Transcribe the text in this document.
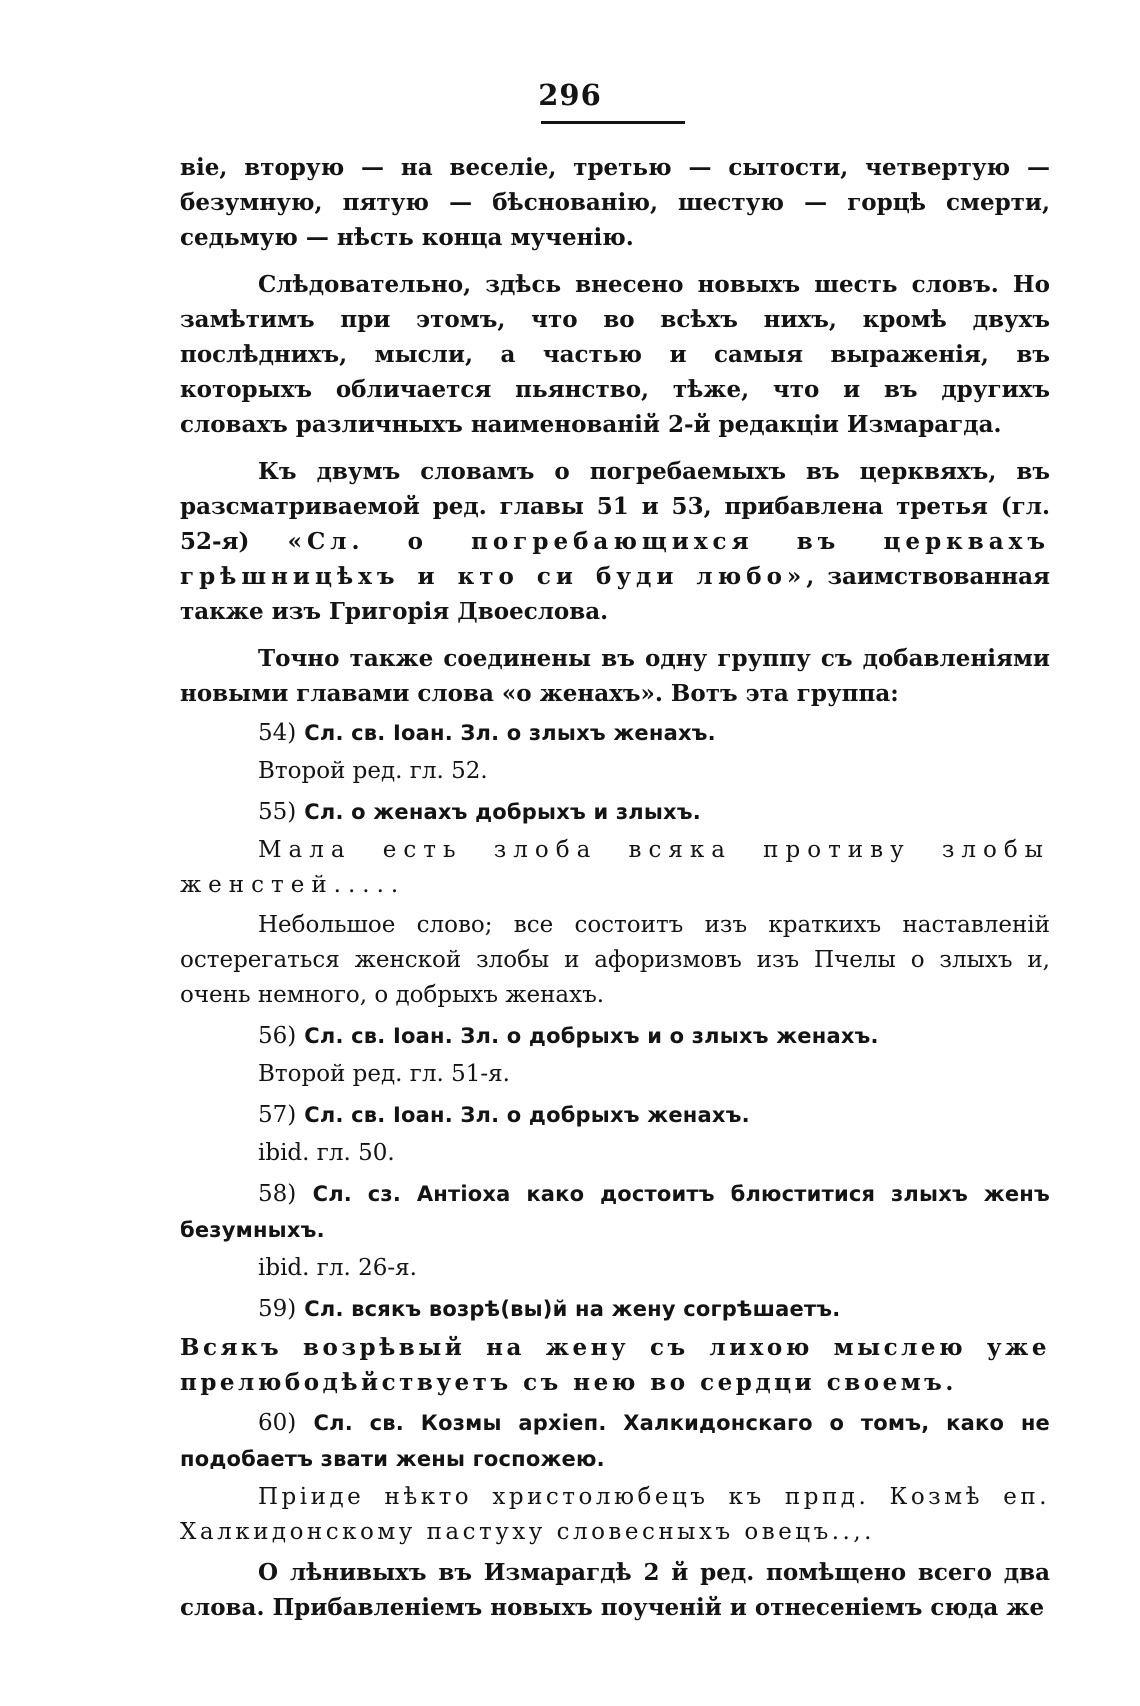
296

віе, вторую — на веселіе, третью — сытости, четвертую — безумную, пятую — бѣснованію, шестую — горцѣ смерти, седьмую — нѣсть конца мученію.

Слѣдовательно, здѣсь внесено новыхъ шесть словъ. Но замѣтимъ при этомъ, что во всѣхъ нихъ, кромѣ двухъ послѣднихъ, мысли, а частью и самыя выраженія, въ которыхъ обличается пьянство, тѣже, что и въ другихъ словахъ различныхъ наименованій 2-й редакціи Измарагда.

Къ двумъ словамъ о погребаемыхъ въ церквяхъ, въ разсматриваемой ред. главы 51 и 53, прибавлена третья (гл. 52-я) «Сл. о погребающихся въ церквахъ грѣшницѣхъ и кто си буди любо», заимствованная также изъ Григорія Двоеслова.

Точно также соединены въ одну группу съ добавленіями новыми главами слова «о женахъ». Вотъ эта группа:

54) Сл. св. Іоан. Зл. о злыхъ женахъ.

Второй ред. гл. 52.

55) Сл. о женахъ добрыхъ и злыхъ.

Мала есть злоба всяка противу злобы женстей.....

Небольшое слово; все состоитъ изъ краткихъ наставленій остерегаться женской злобы и афоризмовъ изъ Пчелы о злыхъ и, очень немного, о добрыхъ женахъ.

56) Сл. св. Іоан. Зл. о добрыхъ и о злыхъ женахъ.

Второй ред. гл. 51-я.

57) Сл. св. Іоан. Зл. о добрыхъ женахъ.

ibid. гл. 50.

58) Сл. сз. Антіоха како достоитъ блюститися злыхъ женъ безумныхъ.

ibid. гл. 26-я.

59) Сл. всякъ возрѣ(вы)й на жену согрѣшаетъ.

Всякъ возрѣвый на жену съ лихою мыслею уже прелюбодѣйствуетъ съ нею во сердци своемъ.

60) Сл. св. Козмы архіеп. Халкидонскаго о томъ, како не подобаетъ звати жены госпожею.

Пріиде нѣкто христолюбецъ къ прпд. Козмѣ еп. Халкидонскому пастуху словесныхъ овецъ..,.

О лѣнивыхъ въ Измарагдѣ 2 й ред. помѣщено всего два слова. Прибавленіемъ новыхъ поученій и отнесеніемъ сюда же
